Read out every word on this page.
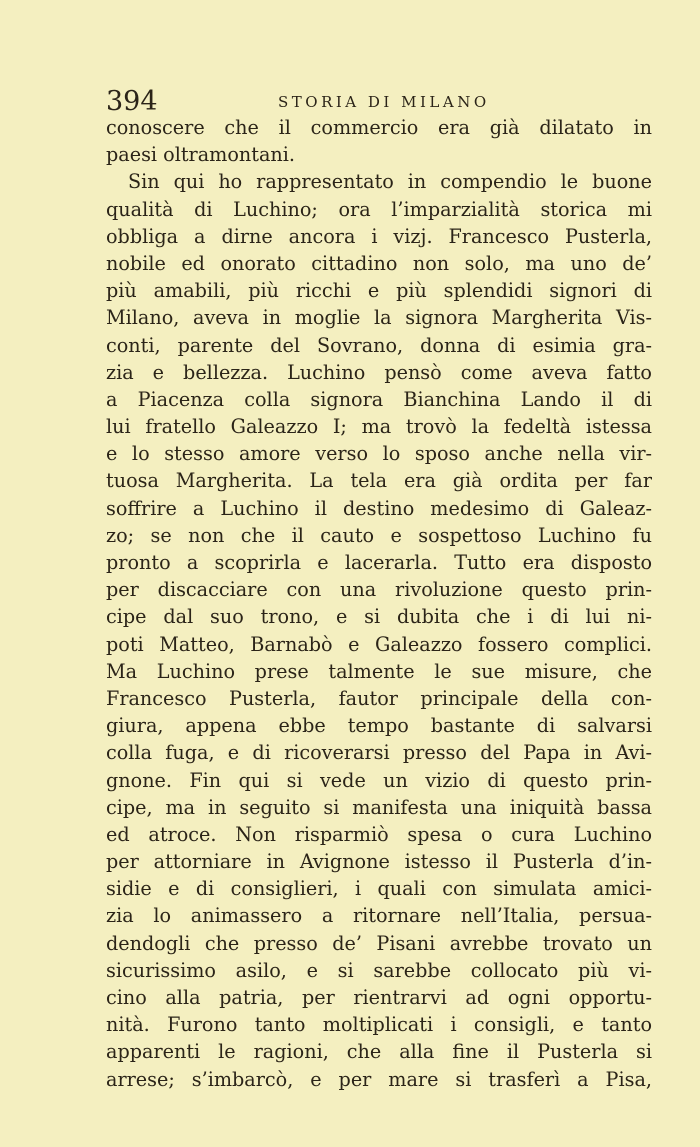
394	STORIA DI MILANO
conoscere che il commercio era già dilatato in
paesi oltramontani.
Sin qui ho rappresentato in compendio le buone
qualità di Luchino; ora l’imparzialità storica mi
obbliga a dirne ancora i vizj. Francesco Pusterla,
nobile ed onorato cittadino non solo, ma uno de’
più amabili, più ricchi e più splendidi signori di
Milano, aveva in moglie la signora Margherita Vis-
conti, parente del Sovrano, donna di esimia gra-
zia e bellezza. Luchino pensò come aveva fatto
a Piacenza colla signora Bianchina Lando il di
lui fratello Galeazzo I; ma trovò la fedeltà istessa
e lo stesso amore verso lo sposo anche nella vir-
tuosa Margherita. La tela era già ordita per far
soffrire a Luchino il destino medesimo di Galeaz-
zo; se non che il cauto e sospettoso Luchino fu
pronto a scoprirla e lacerarla. Tutto era disposto
per discacciare con una rivoluzione questo prin-
cipe dal suo trono, e si dubita che i di lui ni-
poti Matteo, Barnabò e Galeazzo fossero complici.
Ma Luchino prese talmente le sue misure, che
Francesco Pusterla, fautor principale della con-
giura, appena ebbe tempo bastante di salvarsi
colla fuga, e di ricoverarsi presso del Papa in Avi-
gnone. Fin qui si vede un vizio di questo prin-
cipe, ma in seguito si manifesta una iniquità bassa
ed atroce. Non risparmiò spesa o cura Luchino
per attorniare in Avignone istesso il Pusterla d’in-
sidie e di consiglieri, i quali con simulata amici-
zia lo animassero a ritornare nell’Italia, persua-
dendogli che presso de’ Pisani avrebbe trovato un
sicurissimo asilo, e si sarebbe collocato più vi-
cino alla patria, per rientrarvi ad ogni opportu-
nità. Furono tanto moltiplicati i consigli, e tanto
apparenti le ragioni, che alla fine il Pusterla si
arrese; s’imbarcò, e per mare si trasferì a Pisa,
